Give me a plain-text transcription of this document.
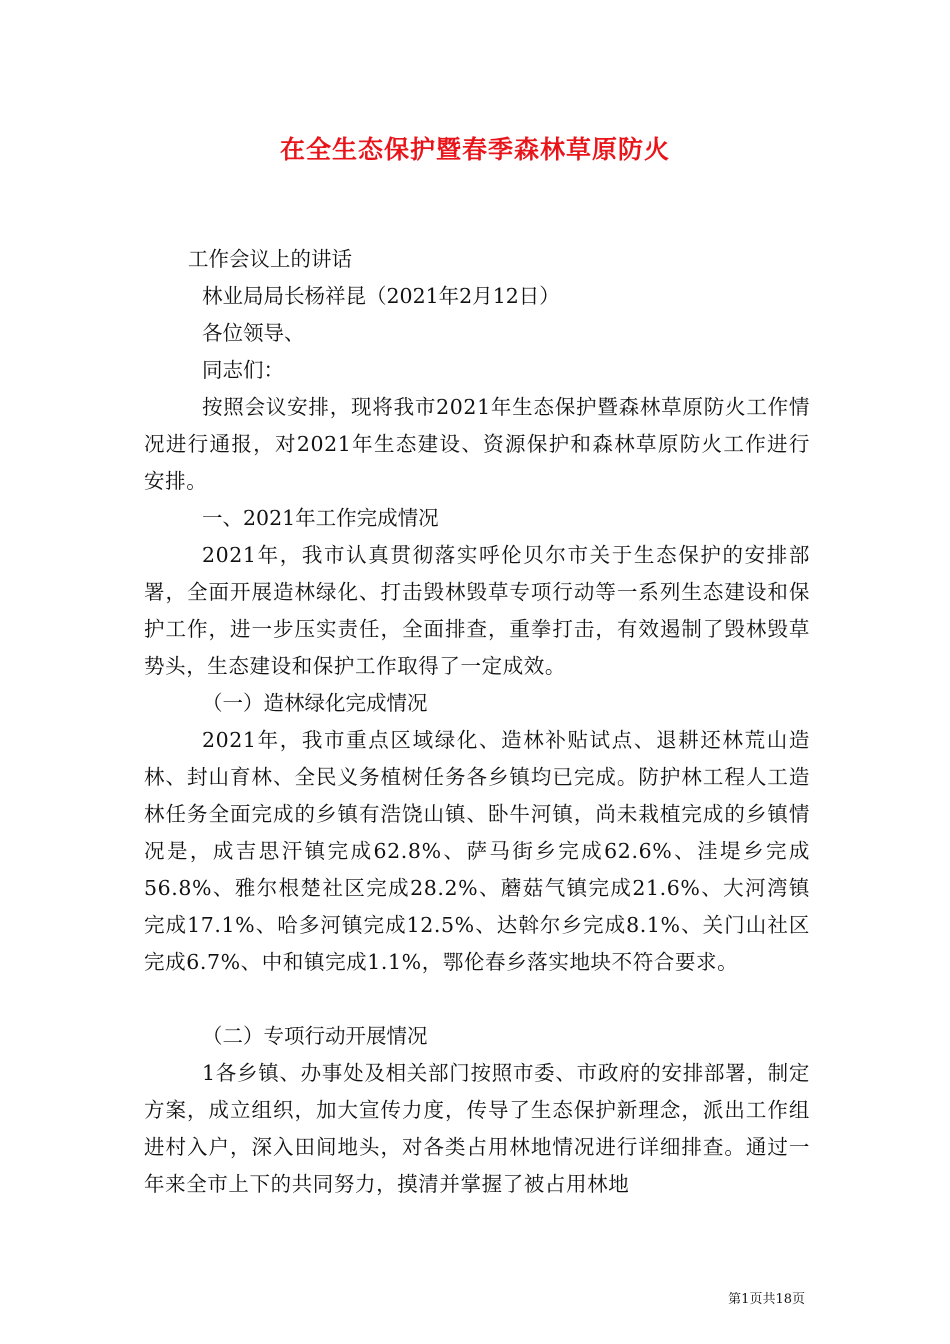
在全生态保护暨春季森林草原防火
工作会议上的讲话
林业局局长杨祥昆（2021年2月12日）
各位领导、
同志们：
按照会议安排，现将我市2021年生态保护暨森林草原防火工作情况进行通报，对2021年生态建设、资源保护和森林草原防火工作进行安排。
一、2021年工作完成情况
2021年，我市认真贯彻落实呼伦贝尔市关于生态保护的安排部署，全面开展造林绿化、打击毁林毁草专项行动等一系列生态建设和保护工作，进一步压实责任，全面排查，重拳打击，有效遏制了毁林毁草势头，生态建设和保护工作取得了一定成效。
（一）造林绿化完成情况
2021年，我市重点区域绿化、造林补贴试点、退耕还林荒山造林、封山育林、全民义务植树任务各乡镇均已完成。防护林工程人工造林任务全面完成的乡镇有浩饶山镇、卧牛河镇，尚未栽植完成的乡镇情况是，成吉思汗镇完成62.8%、萨马街乡完成62.6%、洼堤乡完成56.8%、雅尔根楚社区完成28.2%、蘑菇气镇完成21.6%、大河湾镇完成17.1%、哈多河镇完成12.5%、达斡尔乡完成8.1%、关门山社区完成6.7%、中和镇完成1.1%，鄂伦春乡落实地块不符合要求。
（二）专项行动开展情况
1各乡镇、办事处及相关部门按照市委、市政府的安排部署，制定方案，成立组织，加大宣传力度，传导了生态保护新理念，派出工作组进村入户，深入田间地头，对各类占用林地情况进行详细排查。通过一年来全市上下的共同努力，摸清并掌握了被占用林地
第1页共18页
